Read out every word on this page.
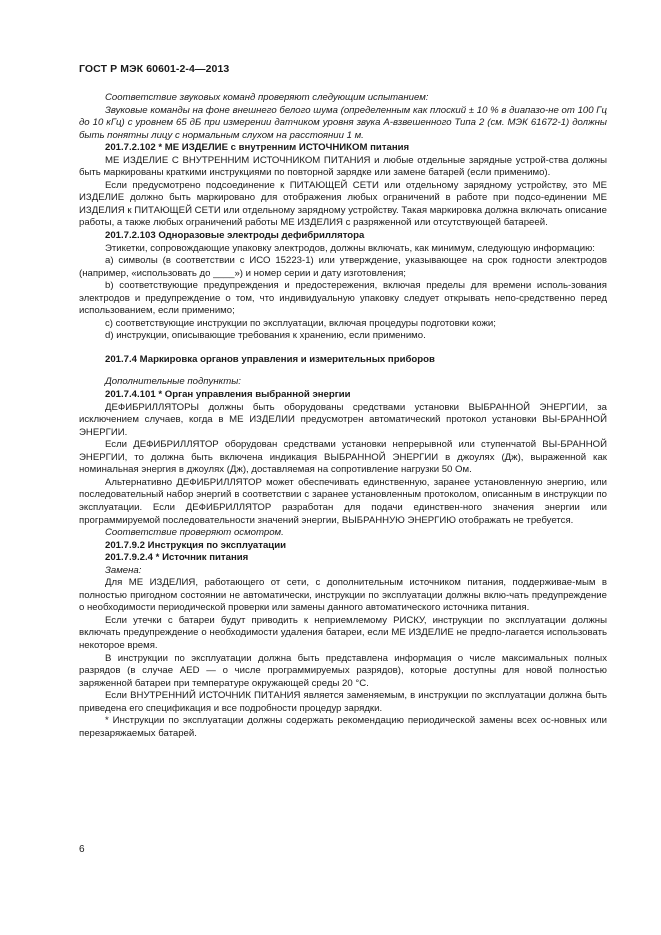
ГОСТ Р МЭК 60601-2-4—2013

Соответствие звуковых команд проверяют следующим испытанием:

Звуковые команды на фоне внешнего белого шума (определенным как плоский ± 10 % в диапазо-не от 100 Гц до 10 кГц) с уровнем 65 дБ при измерении датчиком уровня звука А-взвешенного Типа 2 (см. МЭК 61672-1) должны быть понятны лицу с нормальным слухом на расстоянии 1 м.

201.7.2.102 * МЕ ИЗДЕЛИЕ с внутренним ИСТОЧНИКОМ питания

МЕ ИЗДЕЛИЕ С ВНУТРЕННИМ ИСТОЧНИКОМ ПИТАНИЯ и любые отдельные зарядные устрой-ства должны быть маркированы краткими инструкциями по повторной зарядке или замене батарей (если применимо).

Если предусмотрено подсоединение к ПИТАЮЩЕЙ СЕТИ или отдельному зарядному устройству, это МЕ ИЗДЕЛИЕ должно быть маркировано для отображения любых ограничений в работе при подсо-единении МЕ ИЗДЕЛИЯ к ПИТАЮЩЕЙ СЕТИ или отдельному зарядному устройству. Такая маркировка должна включать описание работы, а также любых ограничений работы МЕ ИЗДЕЛИЯ с разряженной или отсутствующей батареей.

201.7.2.103 Одноразовые электроды дефибриллятора

Этикетки, сопровождающие упаковку электродов, должны включать, как минимум, следующую информацию:

а) символы (в соответствии с ИСО 15223-1) или утверждение, указывающее на срок годности электродов (например, «использовать до ____») и номер серии и дату изготовления;

b) соответствующие предупреждения и предостережения, включая пределы для времени исполь-зования электродов и предупреждение о том, что индивидуальную упаковку следует открывать непо-средственно перед использованием, если применимо;

c) соответствующие инструкции по эксплуатации, включая процедуры подготовки кожи;

d) инструкции, описывающие требования к хранению, если применимо.

201.7.4 Маркировка органов управления и измерительных приборов

Дополнительные подпункты:

201.7.4.101 * Орган управления выбранной энергии

ДЕФИБРИЛЛЯТОРЫ должны быть оборудованы средствами установки ВЫБРАННОЙ ЭНЕРГИИ, за исключением случаев, когда в МЕ ИЗДЕЛИИ предусмотрен автоматический протокол установки ВЫ-БРАННОЙ ЭНЕРГИИ.

Если ДЕФИБРИЛЛЯТОР оборудован средствами установки непрерывной или ступенчатой ВЫ-БРАННОЙ ЭНЕРГИИ, то должна быть включена индикация ВЫБРАННОЙ ЭНЕРГИИ в джоулях (Дж), выраженной как номинальная энергия в джоулях (Дж), доставляемая на сопротивление нагрузки 50 Ом.

Альтернативно ДЕФИБРИЛЛЯТОР может обеспечивать единственную, заранее установленную энергию, или последовательный набор энергий в соответствии с заранее установленным протоколом, описанным в инструкции по эксплуатации. Если ДЕФИБРИЛЛЯТОР разработан для подачи единствен-ного значения энергии или программируемой последовательности значений энергии, ВЫБРАННУЮ ЭНЕРГИЮ отображать не требуется.

Соответствие проверяют осмотром.

201.7.9.2 Инструкция по эксплуатации

201.7.9.2.4 * Источник питания

Замена:

Для МЕ ИЗДЕЛИЯ, работающего от сети, с дополнительным источником питания, поддерживае-мым в полностью пригодном состоянии не автоматически, инструкции по эксплуатации должны вклю-чать предупреждение о необходимости периодической проверки или замены данного автоматического источника питания.

Если утечки с батареи будут приводить к неприемлемому РИСКУ, инструкции по эксплуатации должны включать предупреждение о необходимости удаления батареи, если МЕ ИЗДЕЛИЕ не предпо-лагается использовать некоторое время.

В инструкции по эксплуатации должна быть представлена информация о числе максимальных полных разрядов (в случае AED — о числе программируемых разрядов), которые доступны для новой полностью заряженной батареи при температуре окружающей среды 20 °С.

Если ВНУТРЕННИЙ ИСТОЧНИК ПИТАНИЯ является заменяемым, в инструкции по эксплуатации должна быть приведена его спецификация и все подробности процедур зарядки.

* Инструкции по эксплуатации должны содержать рекомендацию периодической замены всех ос-новных или перезаряжаемых батарей.

6
